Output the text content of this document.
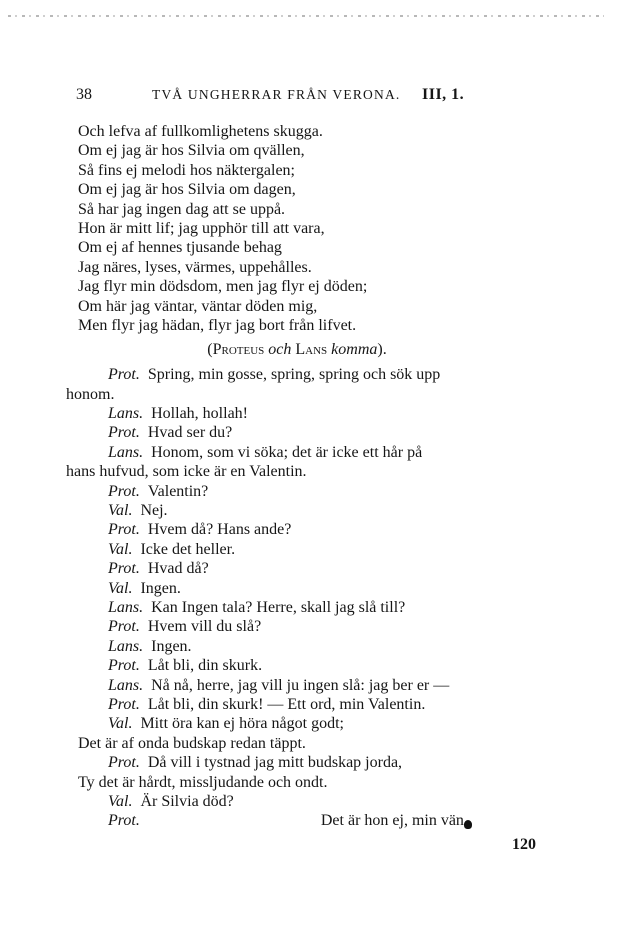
38	TVÅ UNGHERRAR FRÅN VERONA. III, 1.
Och lefva af fullkomlighetens skugga.
Om ej jag är hos Silvia om qvällen,
Så fins ej melodi hos näktergalen;
Om ej jag är hos Silvia om dagen,
Så har jag ingen dag att se uppå.
Hon är mitt lif; jag upphör till att vara,
Om ej af hennes tjusande behag
Jag näres, lyses, värmes, uppehålles.
Jag flyr min dödsdom, men jag flyr ej döden;
Om här jag väntar, väntar döden mig,
Men flyr jag hädan, flyr jag bort från lifvet.
(Proteus och Lans komma).
Prot. Spring, min gosse, spring, spring och sök upp
honom.
Lans. Hollah, hollah!
Prot. Hvad ser du?
Lans. Honom, som vi söka; det är icke ett hår på
hans hufvud, som icke är en Valentin.
Prot. Valentin?
Val. Nej.
Prot. Hvem då? Hans ande?
Val. Icke det heller.
Prot. Hvad då?
Val. Ingen.
Lans. Kan Ingen tala? Herre, skall jag slå till?
Prot. Hvem vill du slå?
Lans. Ingen.
Prot. Låt bli, din skurk.
Lans. Nå nå, herre, jag vill ju ingen slå: jag ber er —
Prot. Låt bli, din skurk! — Ett ord, min Valentin.
Val. Mitt öra kan ej höra något godt;
Det är af onda budskap redan täppt.
Prot. Då vill i tystnad jag mitt budskap jorda,
Ty det är hårdt, missljudande och ondt.
Val. Är Silvia död?
Prot.	Det är hon ej, min vän
120
